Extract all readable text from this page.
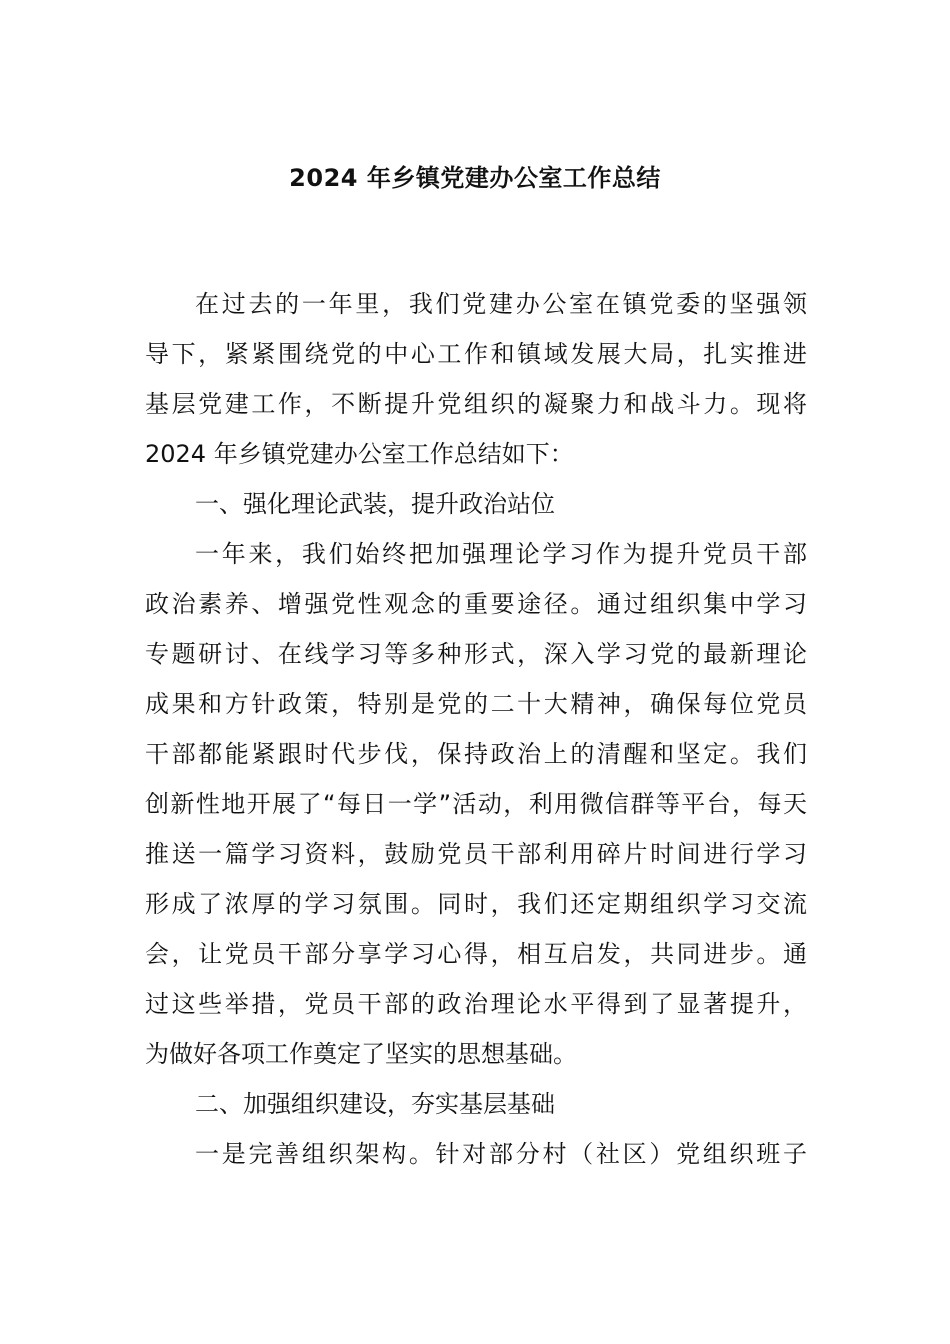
2024 年乡镇党建办公室工作总结
在过去的一年里，我们党建办公室在镇党委的坚强领
导下，紧紧围绕党的中心工作和镇域发展大局，扎实推进
基层党建工作，不断提升党组织的凝聚力和战斗力。现将
2024 年乡镇党建办公室工作总结如下：
一、强化理论武装，提升政治站位
一年来，我们始终把加强理论学习作为提升党员干部
政治素养、增强党性观念的重要途径。通过组织集中学习
专题研讨、在线学习等多种形式，深入学习党的最新理论
成果和方针政策，特别是党的二十大精神，确保每位党员
干部都能紧跟时代步伐，保持政治上的清醒和坚定。我们
创新性地开展了“每日一学”活动，利用微信群等平台，每天
推送一篇学习资料，鼓励党员干部利用碎片时间进行学习
形成了浓厚的学习氛围。同时，我们还定期组织学习交流
会，让党员干部分享学习心得，相互启发，共同进步。通
过这些举措，党员干部的政治理论水平得到了显著提升，
为做好各项工作奠定了坚实的思想基础。
二、加强组织建设，夯实基层基础
一是完善组织架构。针对部分村（社区）党组织班子
